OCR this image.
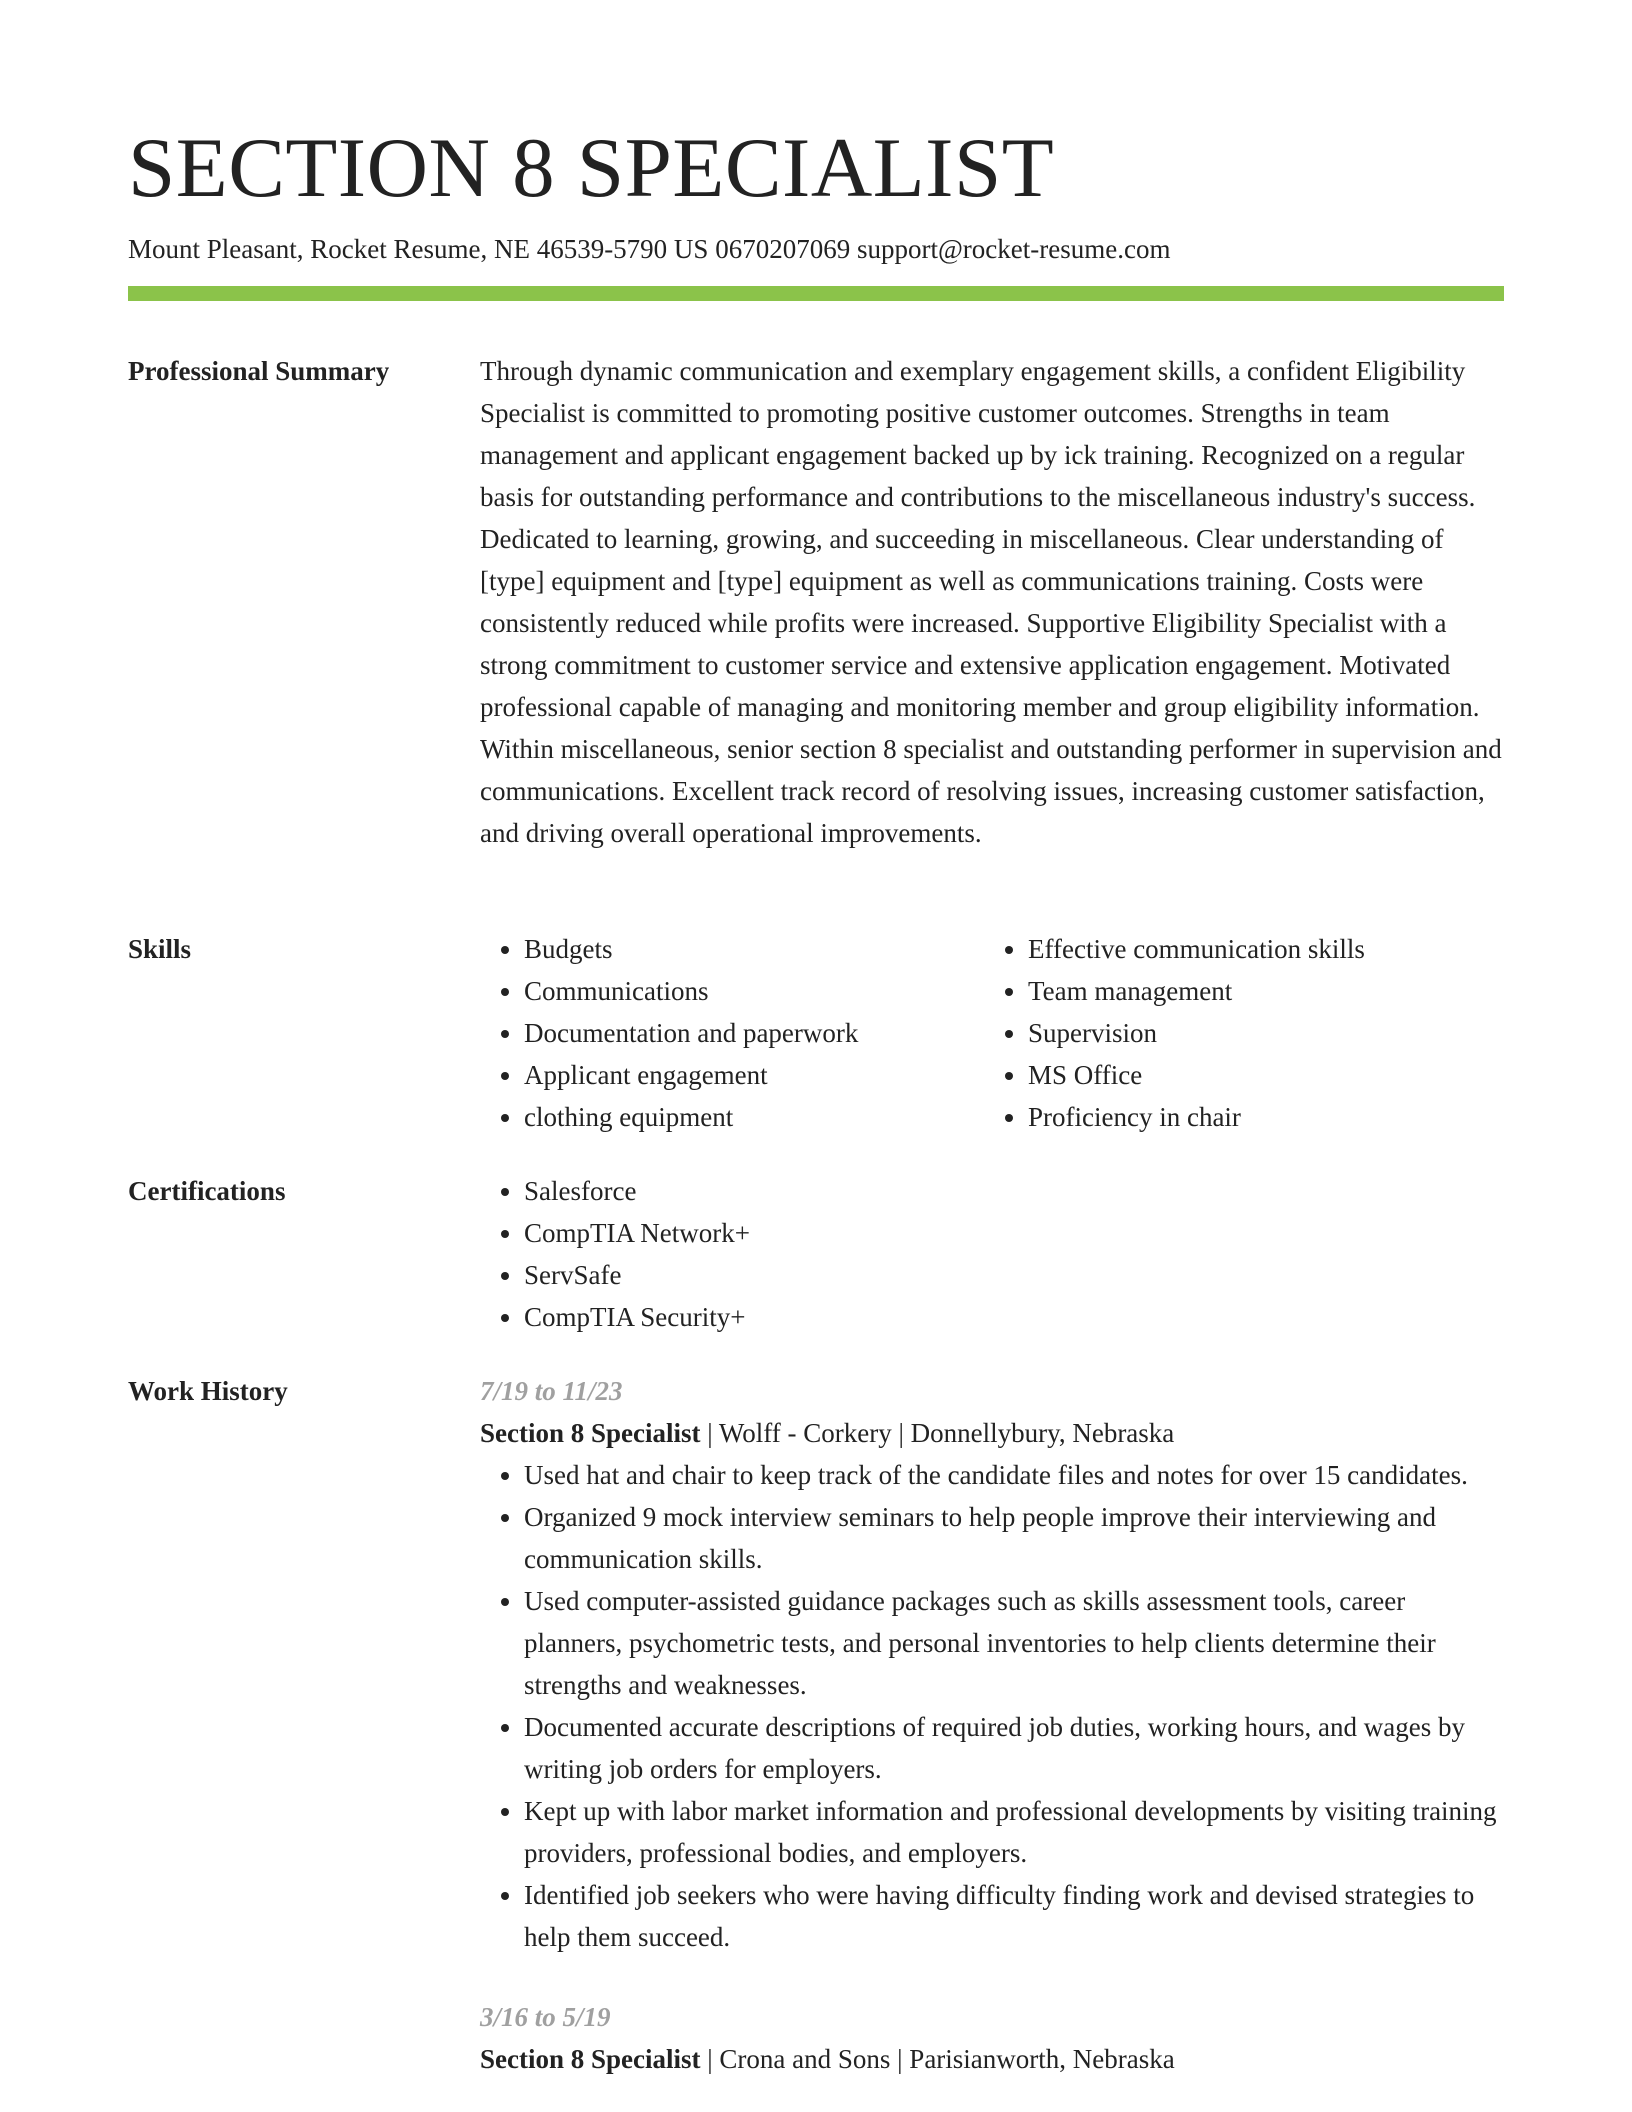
SECTION 8 SPECIALIST
Mount Pleasant, Rocket Resume, NE 46539-5790 US 0670207069 support@rocket-resume.com
Professional Summary	Through dynamic communication and exemplary engagement skills, a confident Eligibility Specialist is committed to promoting positive customer outcomes. Strengths in team management and applicant engagement backed up by ick training. Recognized on a regular basis for outstanding performance and contributions to the miscellaneous industry's success. Dedicated to learning, growing, and succeeding in miscellaneous. Clear understanding of [type] equipment and [type] equipment as well as communications training. Costs were consistently reduced while profits were increased. Supportive Eligibility Specialist with a strong commitment to customer service and extensive application engagement. Motivated professional capable of managing and monitoring member and group eligibility information. Within miscellaneous, senior section 8 specialist and outstanding performer in supervision and communications. Excellent track record of resolving issues, increasing customer satisfaction, and driving overall operational improvements.

Skills	• Budgets
• Communications
• Documentation and paperwork
• Applicant engagement
• clothing equipment
• Effective communication skills
• Team management
• Supervision
• MS Office
• Proficiency in chair
Certifications	• Salesforce
• CompTIA Network+
• ServSafe
• CompTIA Security+
Work History	7/19 to 11/23
Section 8 Specialist | Wolff - Corkery | Donnellybury, Nebraska
• Used hat and chair to keep track of the candidate files and notes for over 15 candidates.
• Organized 9 mock interview seminars to help people improve their interviewing and communication skills.
• Used computer-assisted guidance packages such as skills assessment tools, career planners, psychometric tests, and personal inventories to help clients determine their strengths and weaknesses.
• Documented accurate descriptions of required job duties, working hours, and wages by writing job orders for employers.
• Kept up with labor market information and professional developments by visiting training providers, professional bodies, and employers.
• Identified job seekers who were having difficulty finding work and devised strategies to help them succeed.
3/16 to 5/19
Section 8 Specialist | Crona and Sons | Parisianworth, Nebraska
